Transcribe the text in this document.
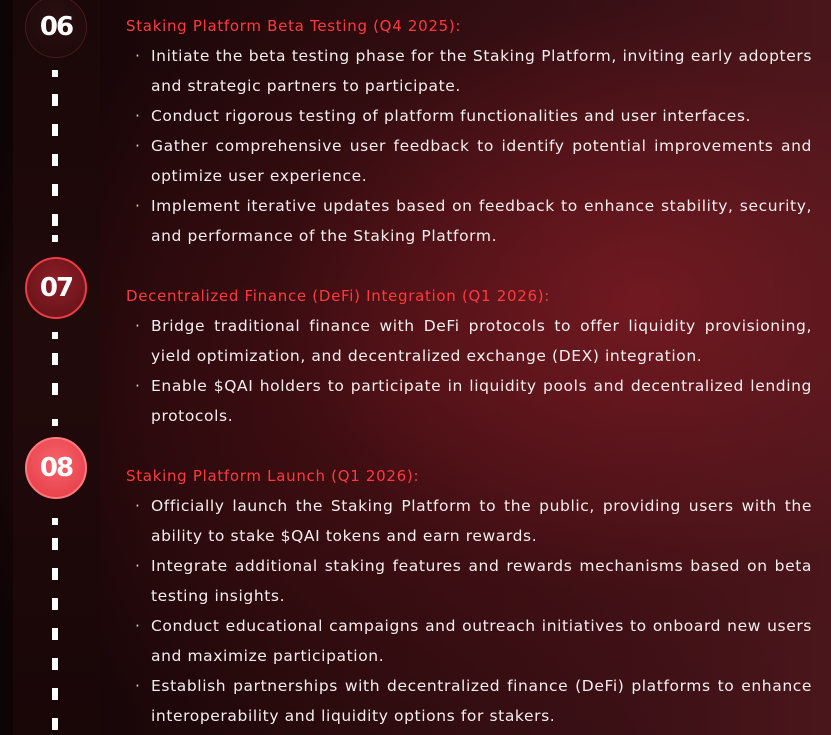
06
07
08
Staking Platform Beta Testing (Q4 2025):
· Initiate the beta testing phase for the Staking Platform, inviting early adopters and strategic partners to participate.
· Conduct rigorous testing of platform functionalities and user interfaces.
· Gather comprehensive user feedback to identify potential improvements and optimize user experience.
· Implement iterative updates based on feedback to enhance stability, security, and performance of the Staking Platform.
Decentralized Finance (DeFi) Integration (Q1 2026):
· Bridge traditional finance with DeFi protocols to offer liquidity provisioning, yield optimization, and decentralized exchange (DEX) integration.
· Enable $QAI holders to participate in liquidity pools and decentralized lending protocols.
Staking Platform Launch (Q1 2026):
· Officially launch the Staking Platform to the public, providing users with the ability to stake $QAI tokens and earn rewards.
· Integrate additional staking features and rewards mechanisms based on beta testing insights.
· Conduct educational campaigns and outreach initiatives to onboard new users and maximize participation.
· Establish partnerships with decentralized finance (DeFi) platforms to enhance interoperability and liquidity options for stakers.
